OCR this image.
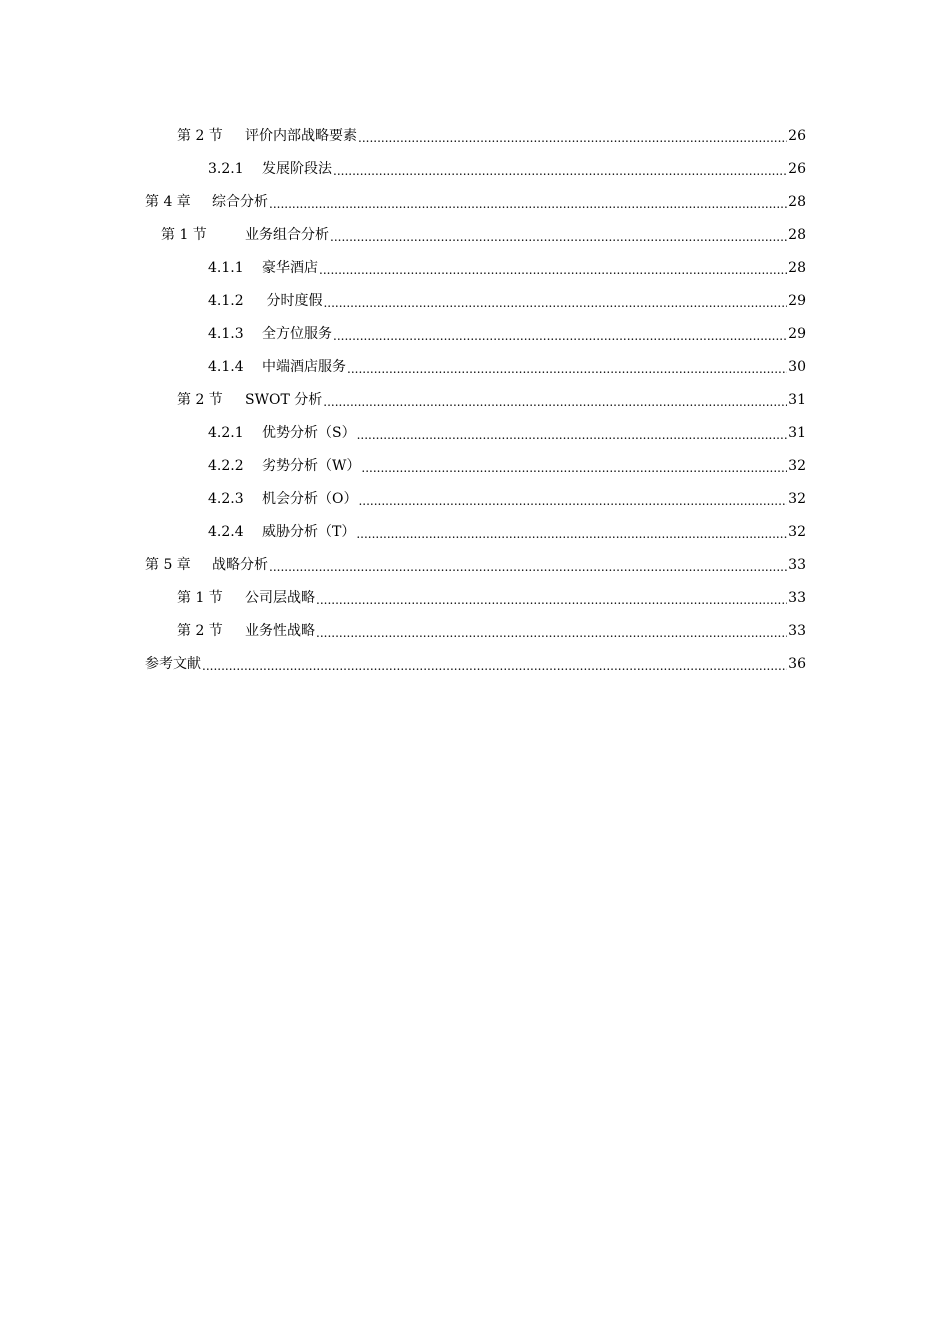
第 2 节	评价内部战略要素 .....	26
3.2.1	发展阶段法 .....	26
第 4 章	综合分析 .....	28
第 1 节	业务组合分析 .....	28
4.1.1	豪华酒店 .....	28
4.1.2	分时度假 .....	29
4.1.3	全方位服务 .....	29
4.1.4	中端酒店服务 .....	30
第 2 节	SWOT 分析 .....	31
4.2.1	优势分析（S） .....	31
4.2.2	劣势分析（W） .....	32
4.2.3	机会分析（O） .....	32
4.2.4	威胁分析（T） .....	32
第 5 章	战略分析 .....	33
第 1 节	公司层战略 .....	33
第 2 节	业务性战略 .....	33
参考文献 .....	36
